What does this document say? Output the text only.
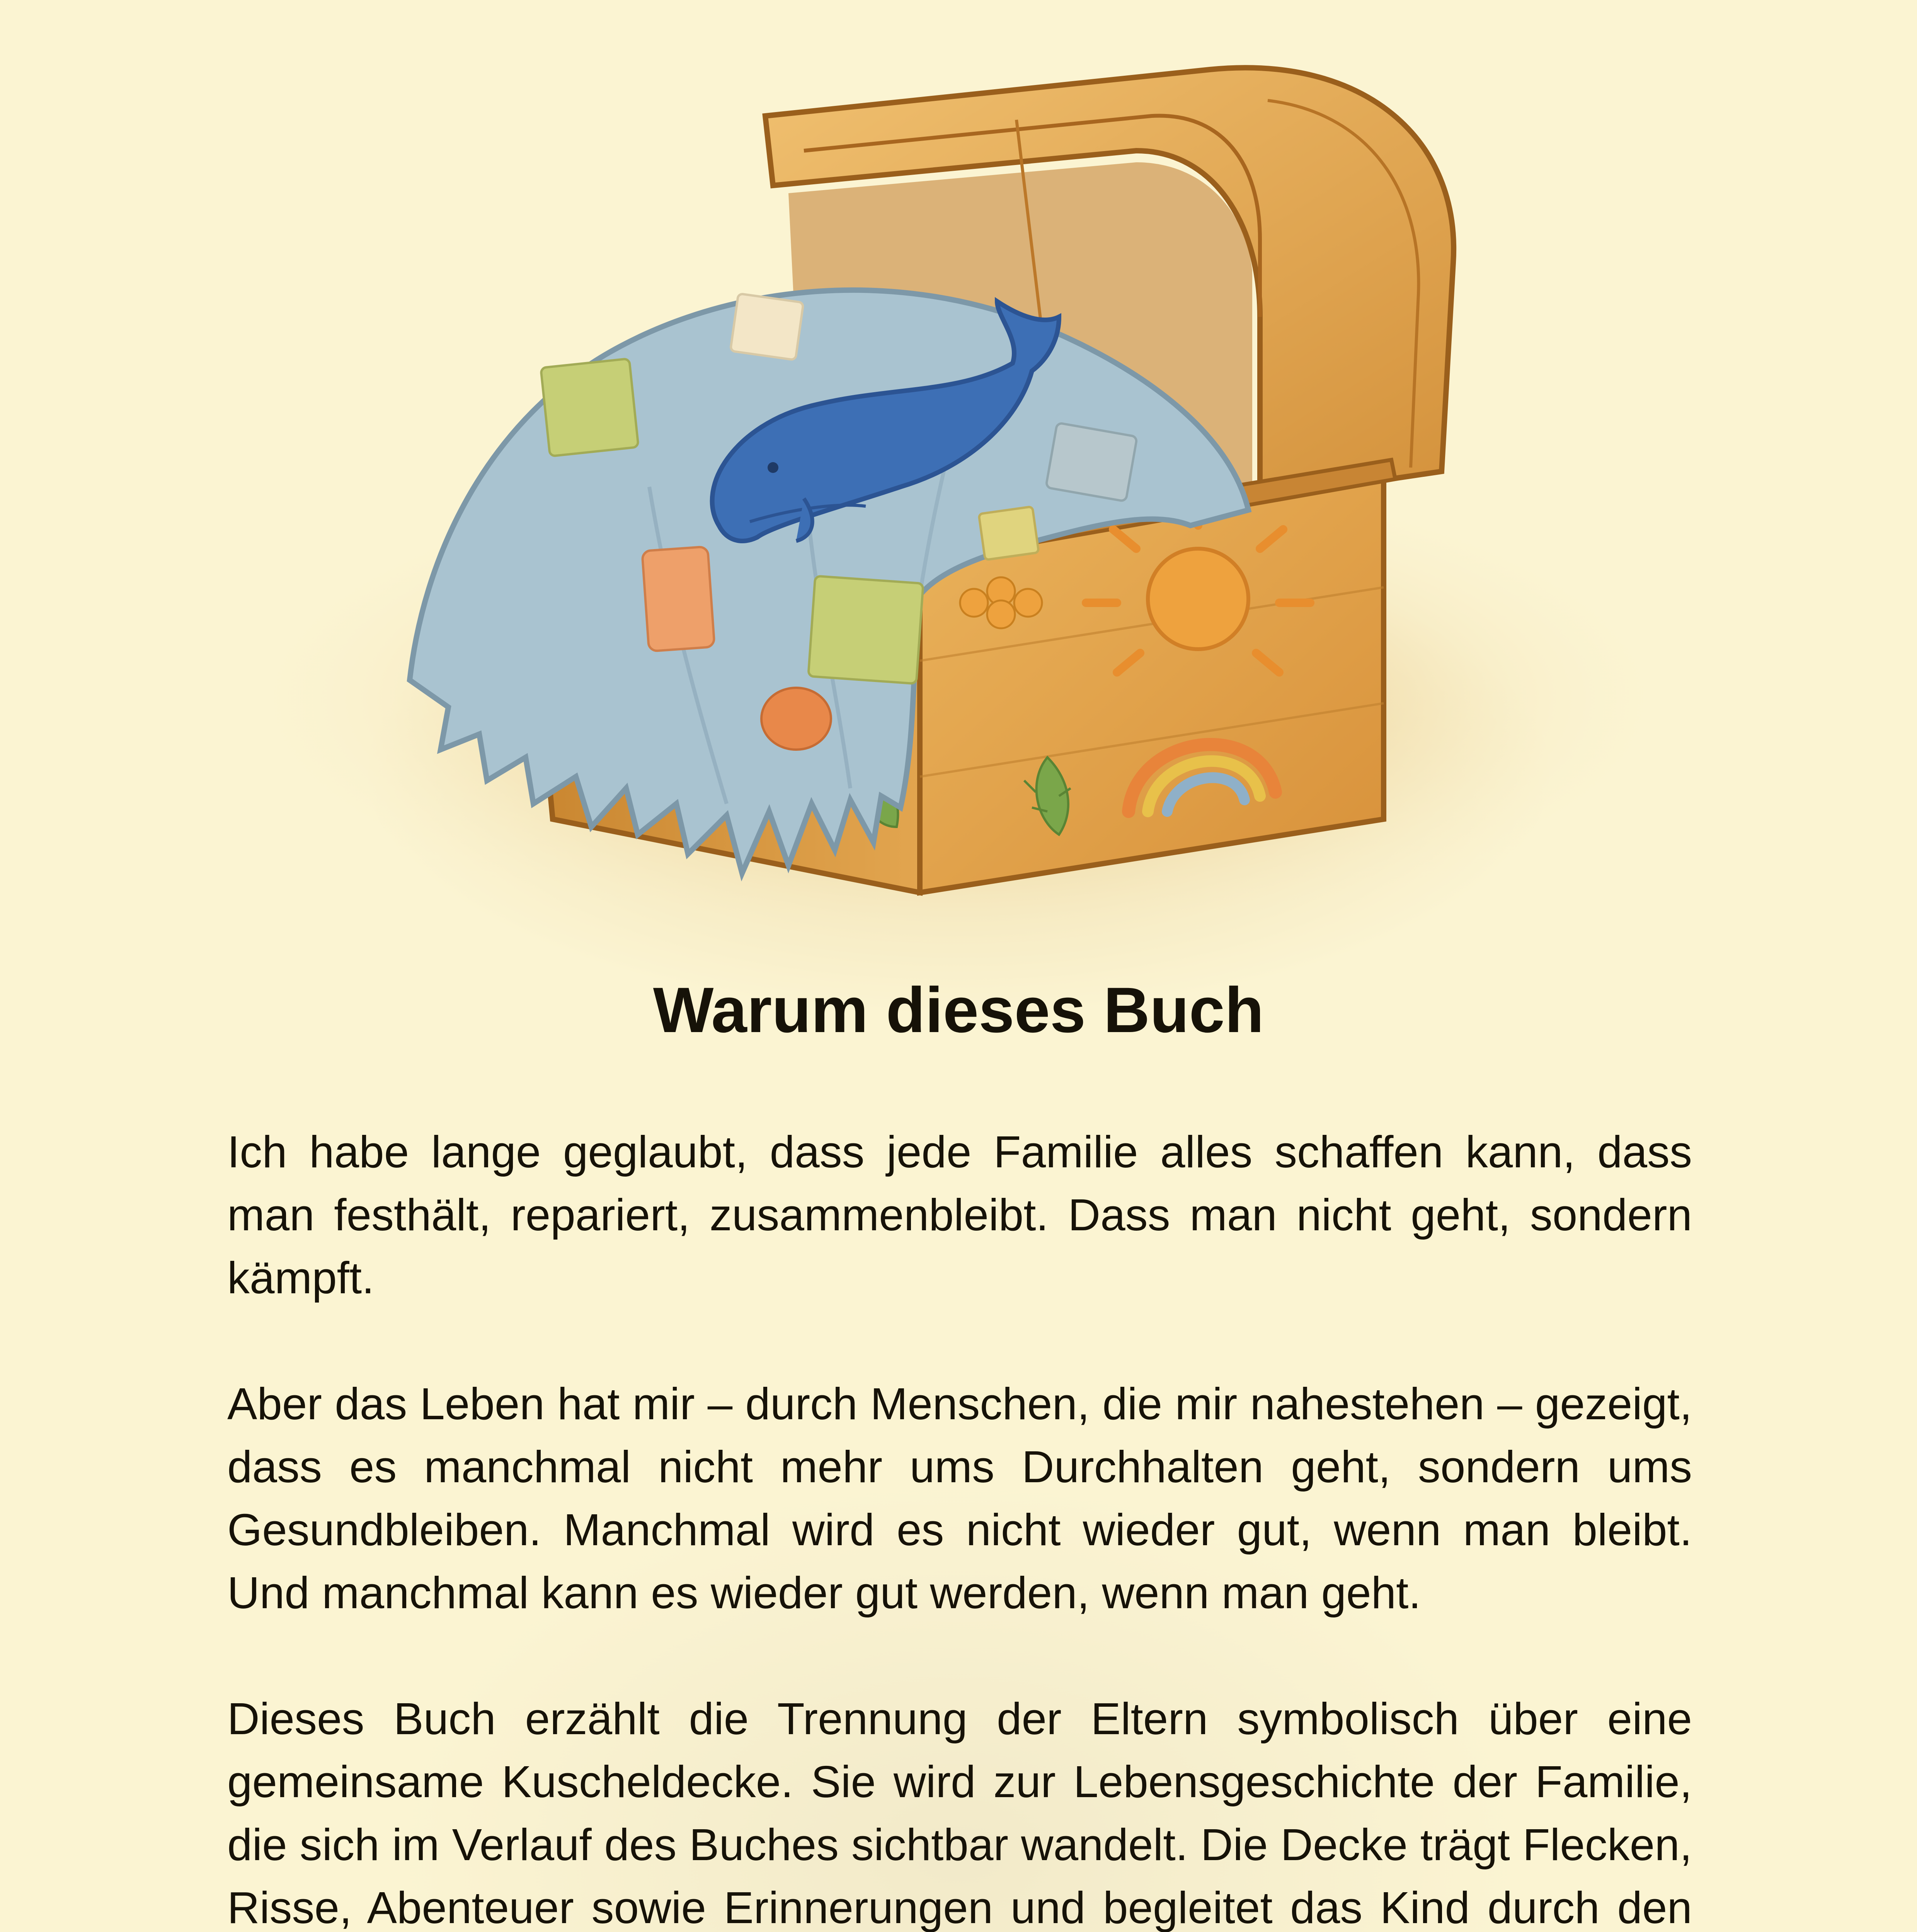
Warum dieses Buch

Ich habe lange geglaubt, dass jede Familie alles schaffen kann, dass man festhält, repariert, zusammenbleibt. Dass man nicht geht, sondern kämpft.

Aber das Leben hat mir – durch Menschen, die mir nahestehen – gezeigt, dass es manchmal nicht mehr ums Durchhalten geht, sondern ums Gesundbleiben. Manchmal wird es nicht wieder gut, wenn man bleibt. Und manchmal kann es wieder gut werden, wenn man geht.

Dieses Buch erzählt die Trennung der Eltern symbolisch über eine gemeinsame Kuscheldecke. Sie wird zur Lebensgeschichte der Familie, die sich im Verlauf des Buches sichtbar wandelt. Die Decke trägt Flecken, Risse, Abenteuer sowie Erinnerungen und begleitet das Kind durch den
